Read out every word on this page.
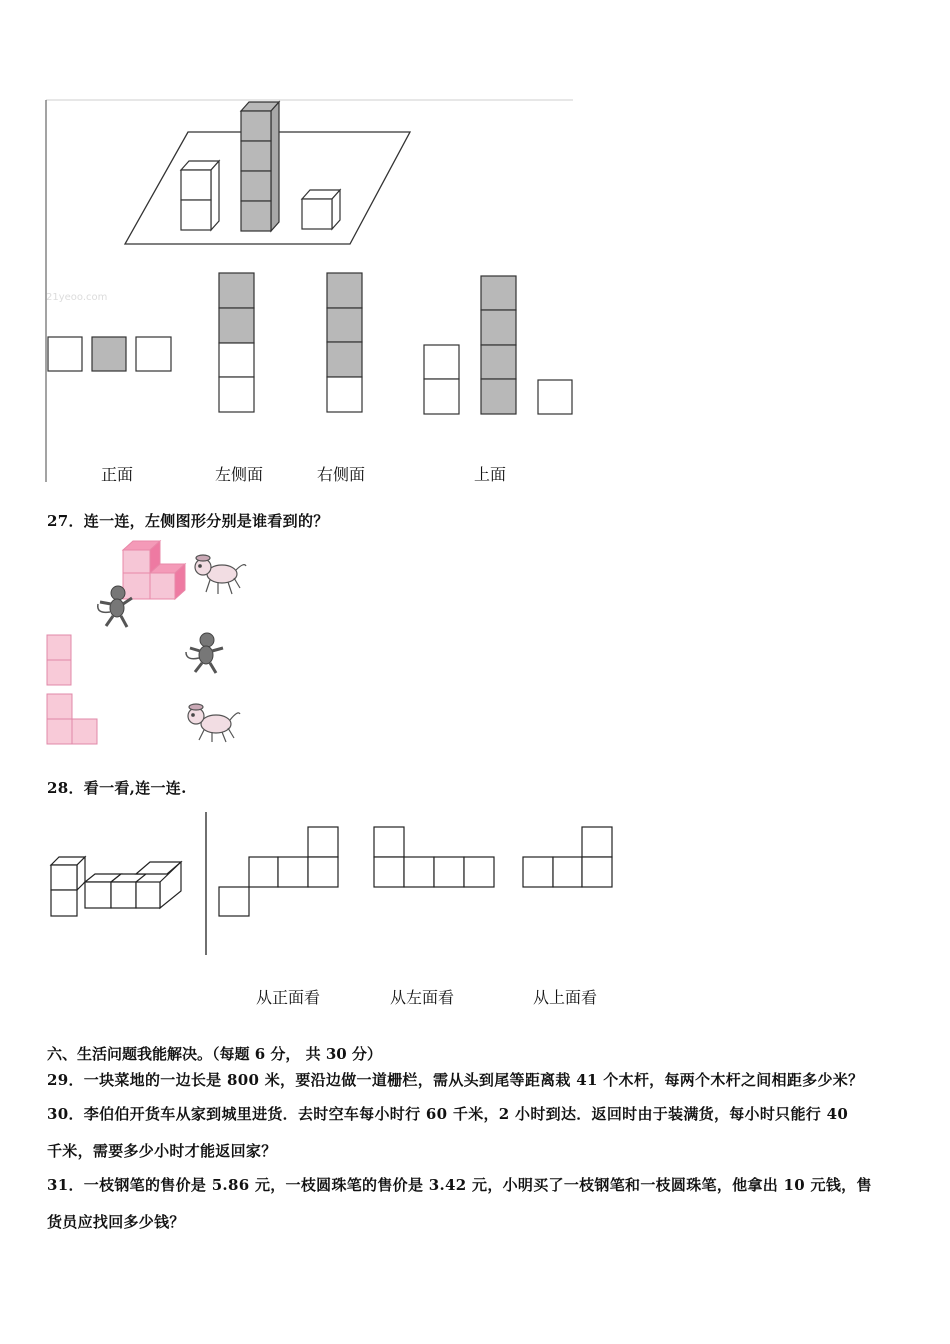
21yeoo.com
正面	左侧面	右侧面	上面
27．连一连，左侧图形分别是谁看到的？
28．看一看,连一连.
从正面看	从左面看	从上面看
六、生活问题我能解决。（每题 6 分， 共 30 分）
29．一块菜地的一边长是 800 米，要沿边做一道栅栏，需从头到尾等距离栽 41 个木杆，每两个木杆之间相距多少米？
30．李伯伯开货车从家到城里进货．去时空车每小时行 60 千米，2 小时到达．返回时由于装满货，每小时只能行 40
千米，需要多少小时才能返回家？
31．一枝钢笔的售价是 5.86 元，一枝圆珠笔的售价是 3.42 元，小明买了一枝钢笔和一枝圆珠笔，他拿出 10 元钱，售
货员应找回多少钱？
